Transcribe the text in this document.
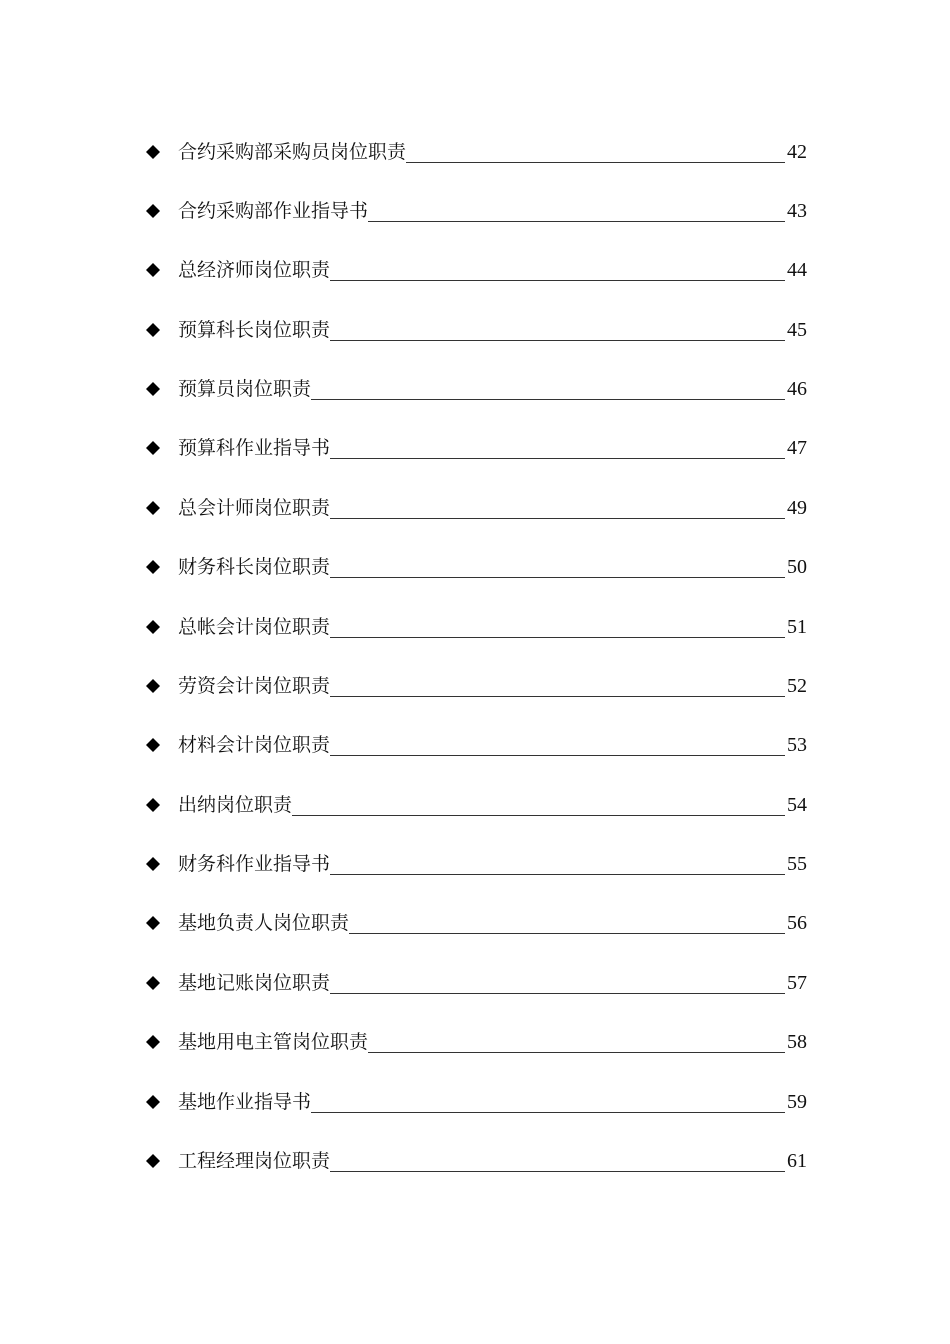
合约采购部采购员岗位职责	42
合约采购部作业指导书	43
总经济师岗位职责	44
预算科长岗位职责	45
预算员岗位职责	46
预算科作业指导书	47
总会计师岗位职责	49
财务科长岗位职责	50
总帐会计岗位职责	51
劳资会计岗位职责	52
材料会计岗位职责	53
出纳岗位职责	54
财务科作业指导书	55
基地负责人岗位职责	56
基地记账岗位职责	57
基地用电主管岗位职责	58
基地作业指导书	59
工程经理岗位职责	61
